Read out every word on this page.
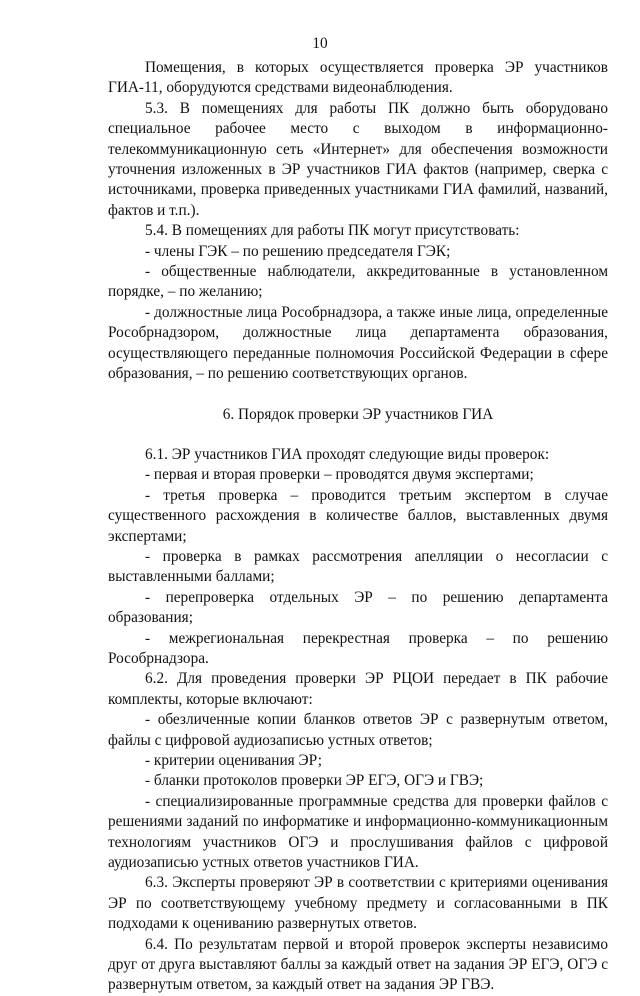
10

Помещения, в которых осуществляется проверка ЭР участников ГИА-11, оборудуются средствами видеонаблюдения.

5.3. В помещениях для работы ПК должно быть оборудовано специальное рабочее место с выходом в информационно-телекоммуникационную сеть «Интернет» для обеспечения возможности уточнения изложенных в ЭР участников ГИА фактов (например, сверка с источниками, проверка приведенных участниками ГИА фамилий, названий, фактов и т.п.).

5.4. В помещениях для работы ПК могут присутствовать:

- члены ГЭК – по решению председателя ГЭК;

- общественные наблюдатели, аккредитованные в установленном порядке, – по желанию;

- должностные лица Рособрнадзора, а также иные лица, определенные Рособрнадзором, должностные лица департамента образования, осуществляющего переданные полномочия Российской Федерации в сфере образования, – по решению соответствующих органов.

6. Порядок проверки ЭР участников ГИА

6.1. ЭР участников ГИА проходят следующие виды проверок:

- первая и вторая проверки – проводятся двумя экспертами;

- третья проверка – проводится третьим экспертом в случае существенного расхождения в количестве баллов, выставленных двумя экспертами;

- проверка в рамках рассмотрения апелляции о несогласии с выставленными баллами;

- перепроверка отдельных ЭР – по решению департамента образования;

- межрегиональная перекрестная проверка – по решению Рособрнадзора.

6.2. Для проведения проверки ЭР РЦОИ передает в ПК рабочие комплекты, которые включают:

- обезличенные копии бланков ответов ЭР с развернутым ответом, файлы с цифровой аудиозаписью устных ответов;

- критерии оценивания ЭР;

- бланки протоколов проверки ЭР ЕГЭ, ОГЭ и ГВЭ;

- специализированные программные средства для проверки файлов с решениями заданий по информатике и информационно-коммуникационным технологиям участников ОГЭ и прослушивания файлов с цифровой аудиозаписью устных ответов участников ГИА.

6.3. Эксперты проверяют ЭР в соответствии с критериями оценивания ЭР по соответствующему учебному предмету и согласованными в ПК подходами к оцениванию развернутых ответов.

6.4. По результатам первой и второй проверок эксперты независимо друг от друга выставляют баллы за каждый ответ на задания ЭР ЕГЭ, ОГЭ с развернутым ответом, за каждый ответ на задания ЭР ГВЭ.
